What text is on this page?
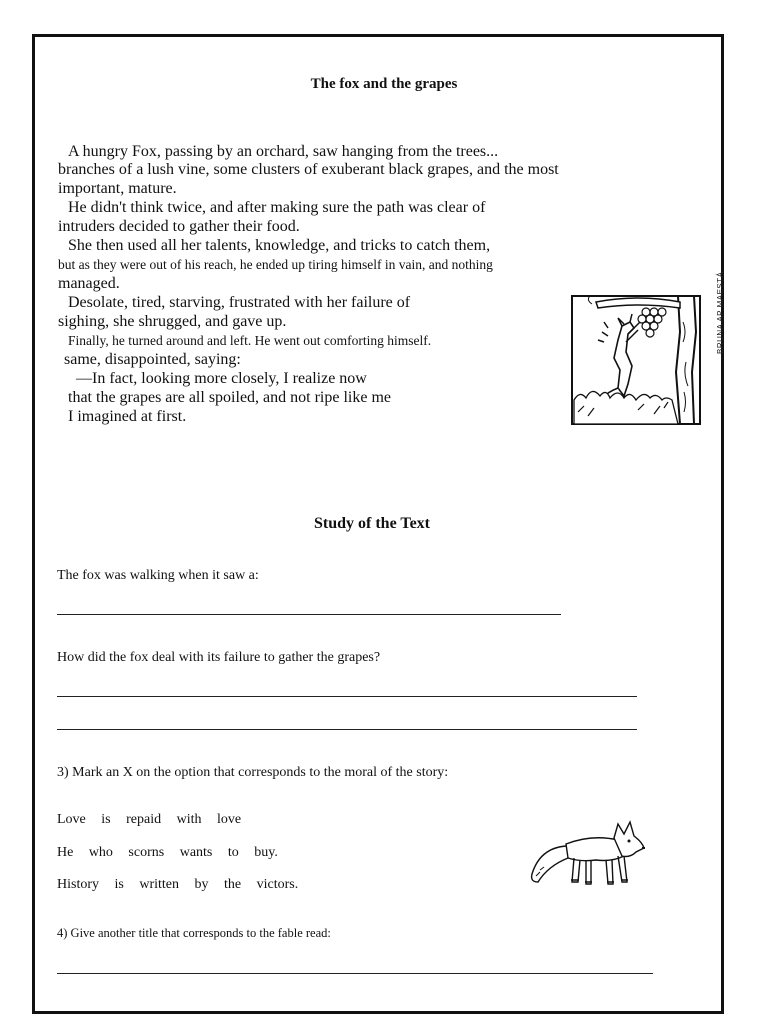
The fox and the grapes
A hungry Fox, passing by an orchard, saw hanging from the trees...
branches of a lush vine, some clusters of exuberant black grapes, and the most
important, mature.
He didn't think twice, and after making sure the path was clear of
intruders decided to gather their food.
She then used all her talents, knowledge, and tricks to catch them,
but as they were out of his reach, he ended up tiring himself in vain, and nothing
managed.
Desolate, tired, starving, frustrated with her failure of
sighing, she shrugged, and gave up.
Finally, he turned around and left. He went out comforting himself.
same, disappointed, saying:
—In fact, looking more closely, I realize now
that the grapes are all spoiled, and not ripe like me
I imagined at first.
BRUNA AP MAESTÁ
Study of the Text
The fox was walking when it saw a:
How did the fox deal with its failure to gather the grapes?
3) Mark an X on the option that corresponds to the moral of the story:
Love is repaid with love
He who scorns wants to buy.
History is written by the victors.
4) Give another title that corresponds to the fable read:
